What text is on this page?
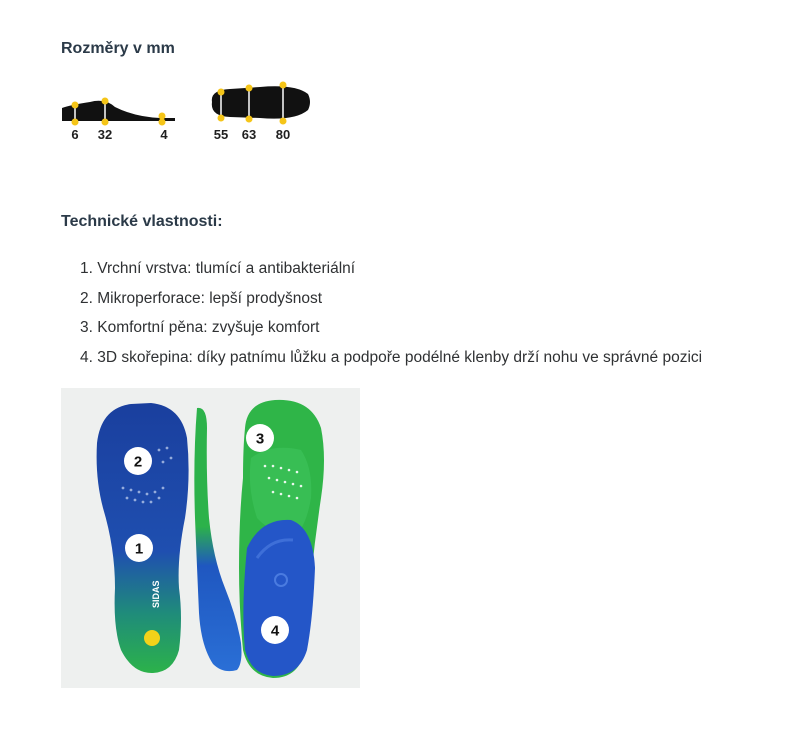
Rozměry v mm
6 32	4	55 63 80
Technické vlastnosti:
1. Vrchní vrstva: tlumící a antibakteriální
2. Mikroperforace: lepší prodyšnost
3. Komfortní pěna: zvyšuje komfort
4. 3D skořepina: díky patnímu lůžku a podpoře podélné klenby drží nohu ve správné pozici
SIDAS
1
2
3
4
